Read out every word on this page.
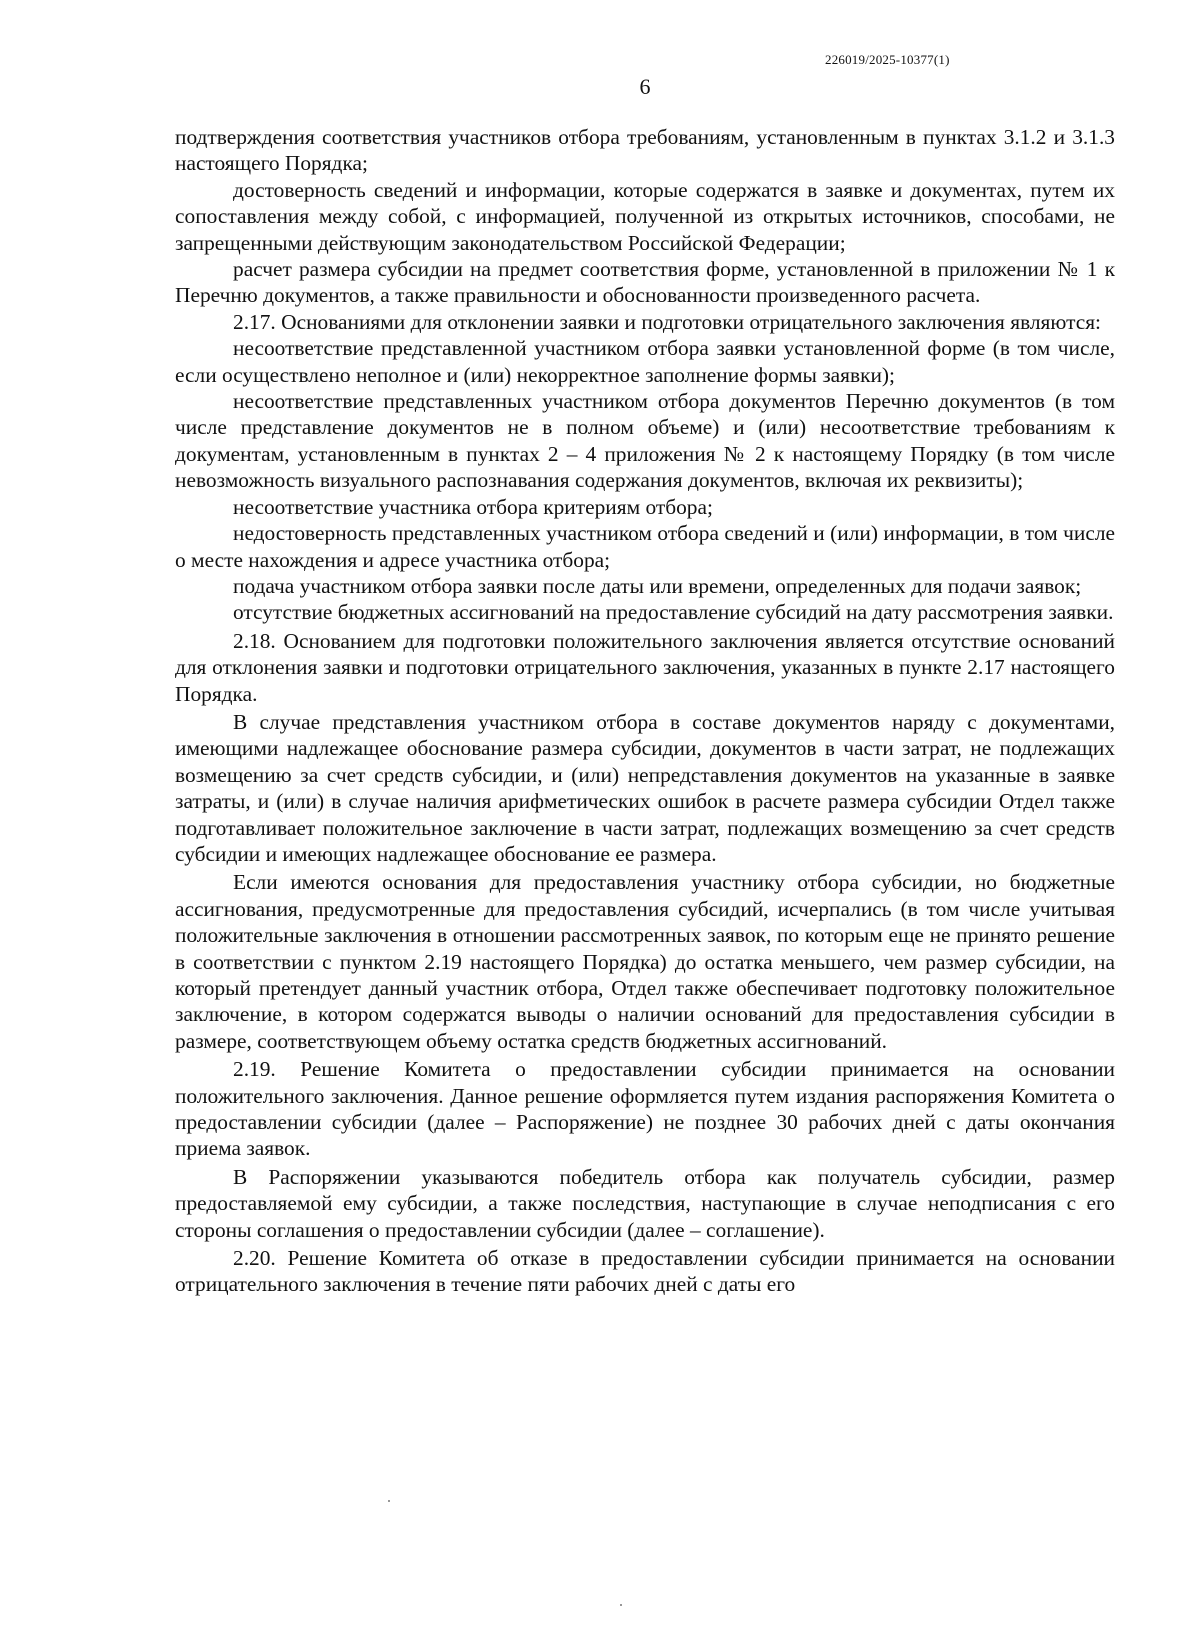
226019/2025-10377(1)
6

подтверждения соответствия участников отбора требованиям, установленным в пунктах 3.1.2 и 3.1.3 настоящего Порядка;

достоверность сведений и информации, которые содержатся в заявке и документах, путем их сопоставления между собой, с информацией, полученной из открытых источников, способами, не запрещенными действующим законодательством Российской Федерации;

расчет размера субсидии на предмет соответствия форме, установленной в приложении № 1 к Перечню документов, а также правильности и обоснованности произведенного расчета.

2.17. Основаниями для отклонении заявки и подготовки отрицательного заключения являются:

несоответствие представленной участником отбора заявки установленной форме (в том числе, если осуществлено неполное и (или) некорректное заполнение формы заявки);

несоответствие представленных участником отбора документов Перечню документов (в том числе представление документов не в полном объеме) и (или) несоответствие требованиям к документам, установленным в пунктах 2 – 4 приложения № 2 к настоящему Порядку (в том числе невозможность визуального распознавания содержания документов, включая их реквизиты);

несоответствие участника отбора критериям отбора;

недостоверность представленных участником отбора сведений и (или) информации, в том числе о месте нахождения и адресе участника отбора;

подача участником отбора заявки после даты или времени, определенных для подачи заявок;

отсутствие бюджетных ассигнований на предоставление субсидий на дату рассмотрения заявки.

2.18. Основанием для подготовки положительного заключения является отсутствие оснований для отклонения заявки и подготовки отрицательного заключения, указанных в пункте 2.17 настоящего Порядка.

В случае представления участником отбора в составе документов наряду с документами, имеющими надлежащее обоснование размера субсидии, документов в части затрат, не подлежащих возмещению за счет средств субсидии, и (или) непредставления документов на указанные в заявке затраты, и (или) в случае наличия арифметических ошибок в расчете размера субсидии Отдел также подготавливает положительное заключение в части затрат, подлежащих возмещению за счет средств субсидии и имеющих надлежащее обоснование ее размера.

Если имеются основания для предоставления участнику отбора субсидии, но бюджетные ассигнования, предусмотренные для предоставления субсидий, исчерпались (в том числе учитывая положительные заключения в отношении рассмотренных заявок, по которым еще не принято решение в соответствии с пунктом 2.19 настоящего Порядка) до остатка меньшего, чем размер субсидии, на который претендует данный участник отбора, Отдел также обеспечивает подготовку положительное заключение, в котором содержатся выводы о наличии оснований для предоставления субсидии в размере, соответствующем объему остатка средств бюджетных ассигнований.

2.19. Решение Комитета о предоставлении субсидии принимается на основании положительного заключения. Данное решение оформляется путем издания распоряжения Комитета о предоставлении субсидии (далее – Распоряжение) не позднее 30 рабочих дней с даты окончания приема заявок.

В Распоряжении указываются победитель отбора как получатель субсидии, размер предоставляемой ему субсидии, а также последствия, наступающие в случае неподписания с его стороны соглашения о предоставлении субсидии (далее – соглашение).

2.20. Решение Комитета об отказе в предоставлении субсидии принимается на основании отрицательного заключения в течение пяти рабочих дней с даты его
